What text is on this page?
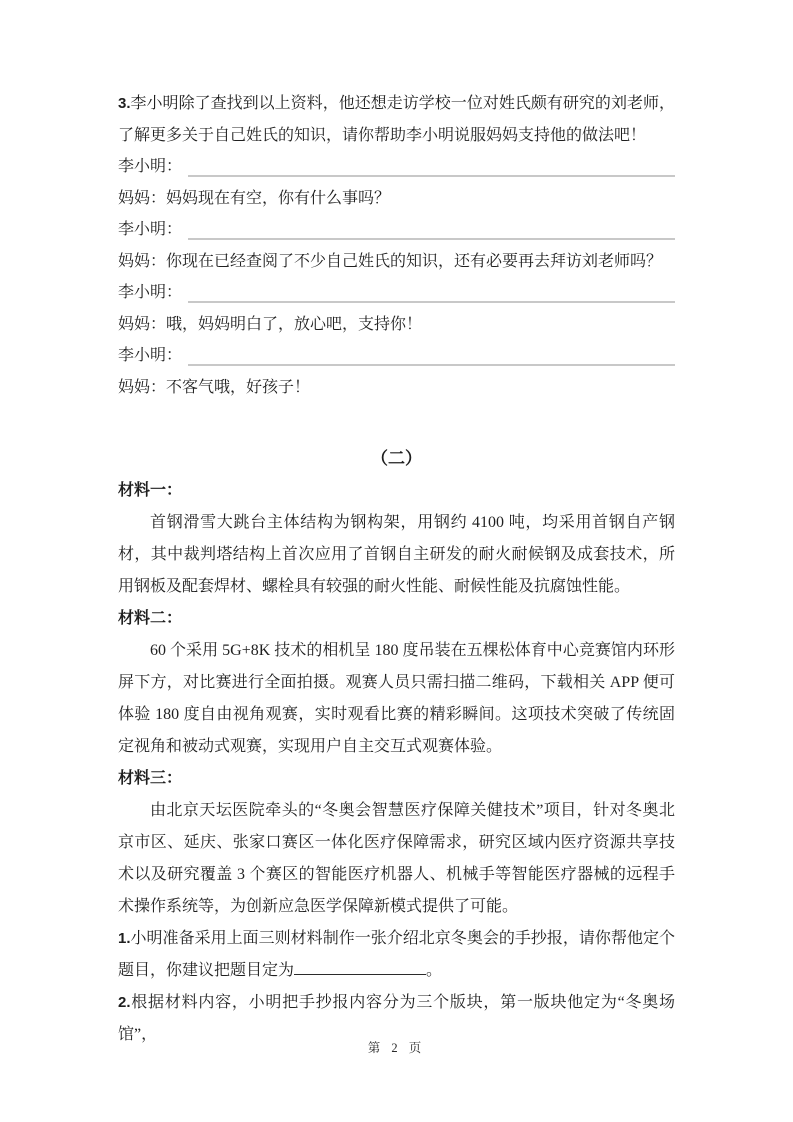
3.李小明除了查找到以上资料，他还想走访学校一位对姓氏颇有研究的刘老师，了解更多关于自己姓氏的知识，请你帮助李小明说服妈妈支持他的做法吧！

李小明：
妈妈： 妈妈现在有空，你有什么事吗？
李小明：
妈妈： 你现在已经查阅了不少自己姓氏的知识，还有必要再去拜访刘老师吗？
李小明：
妈妈： 哦，妈妈明白了，放心吧，支持你！
李小明：
妈妈： 不客气哦，好孩子！
（二）

材料一：

首钢滑雪大跳台主体结构为钢构架，用钢约 4100 吨，均采用首钢自产钢材，其中裁判塔结构上首次应用了首钢自主研发的耐火耐候钢及成套技术，所用钢板及配套焊材、螺栓具有较强的耐火性能、耐候性能及抗腐蚀性能。

材料二：

60 个采用 5G+8K 技术的相机呈 180 度吊装在五棵松体育中心竞赛馆内环形屏下方，对比赛进行全面拍摄。观赛人员只需扫描二维码，下载相关 APP 便可体验 180 度自由视角观赛，实时观看比赛的精彩瞬间。这项技术突破了传统固定视角和被动式观赛，实现用户自主交互式观赛体验。

材料三：

由北京天坛医院牵头的“冬奥会智慧医疗保障关健技术”项目，针对冬奥北京市区、延庆、张家口赛区一体化医疗保障需求，研究区域内医疗资源共享技术以及研究覆盖 3 个赛区的智能医疗机器人、机械手等智能医疗器械的远程手术操作系统等，为创新应急医学保障新模式提供了可能。

1.小明准备采用上面三则材料制作一张介绍北京冬奥会的手抄报，请你帮他定个题目，你建议把题目定为	。

2.根据材料内容，小明把手抄报内容分为三个版块，第一版块他定为“冬奥场馆”，

第 2 页
